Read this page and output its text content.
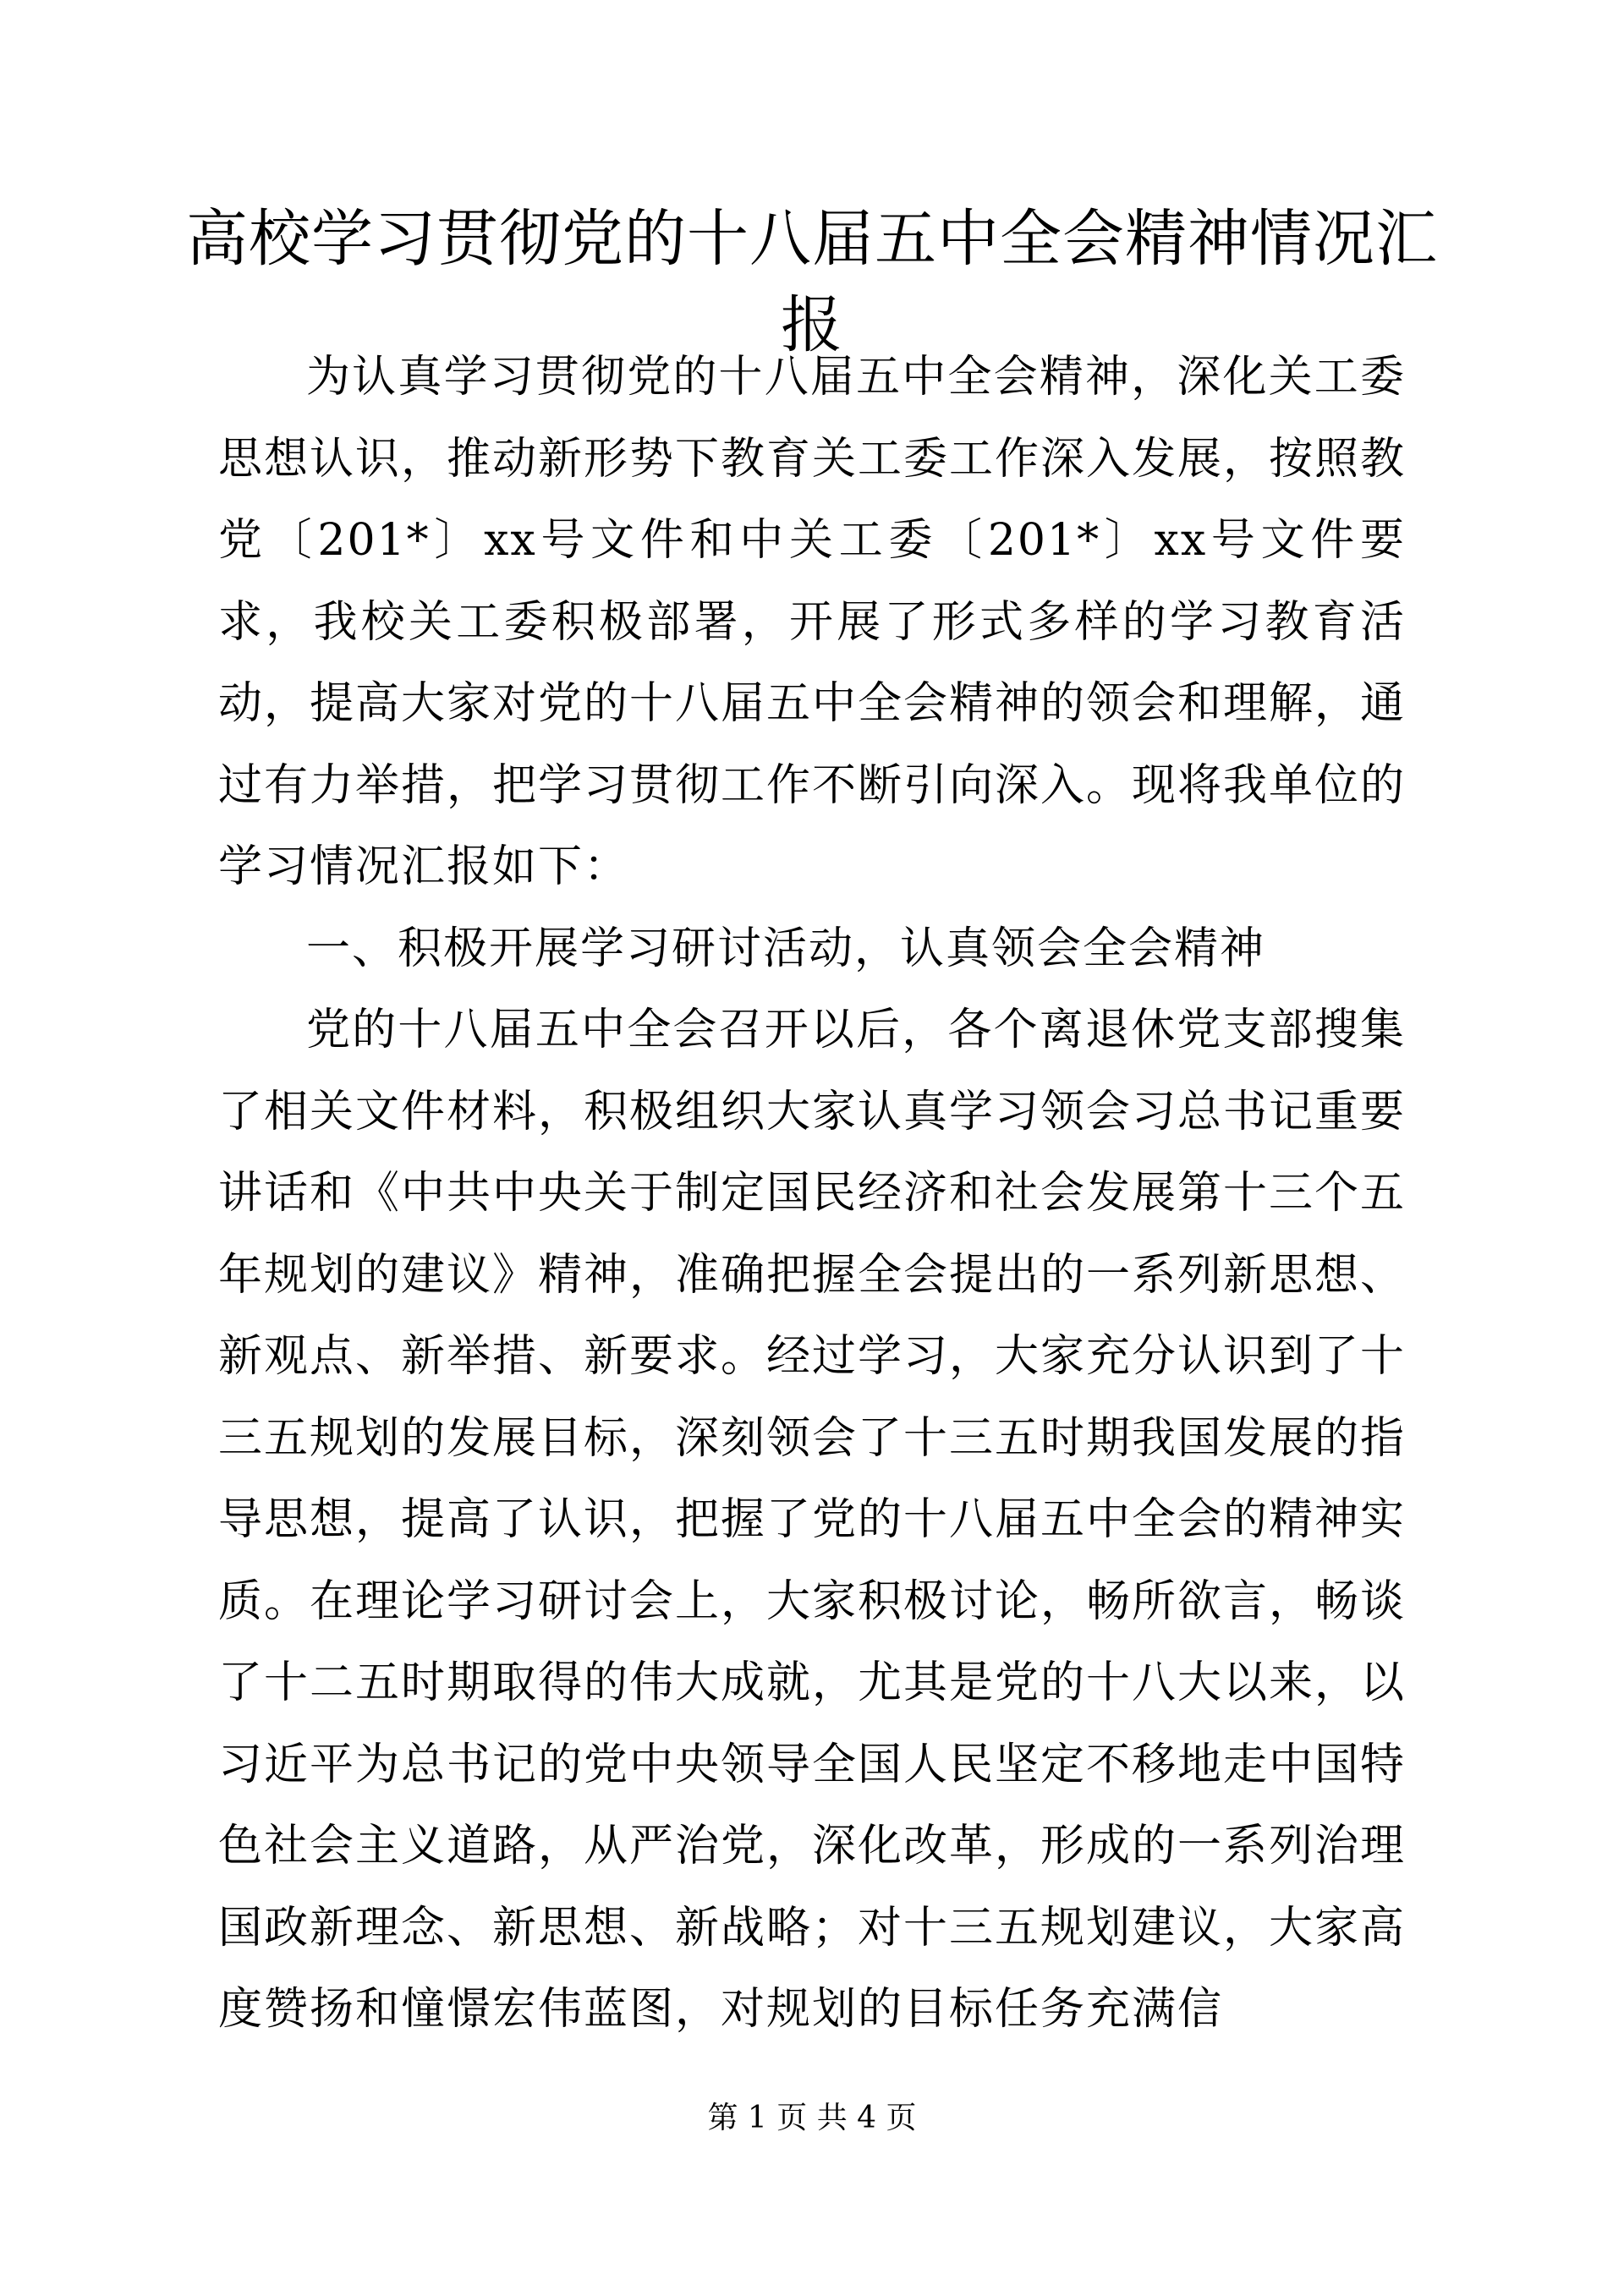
高校学习贯彻党的十八届五中全会精神情况汇报

为认真学习贯彻党的十八届五中全会精神，深化关工委思想认识，推动新形势下教育关工委工作深入发展，按照教党〔201*〕xx号文件和中关工委〔201*〕xx号文件要求，我校关工委积极部署，开展了形式多样的学习教育活动，提高大家对党的十八届五中全会精神的领会和理解，通过有力举措，把学习贯彻工作不断引向深入。现将我单位的学习情况汇报如下：

一、积极开展学习研讨活动，认真领会全会精神

党的十八届五中全会召开以后，各个离退休党支部搜集了相关文件材料，积极组织大家认真学习领会习总书记重要讲话和《中共中央关于制定国民经济和社会发展第十三个五年规划的建议》精神，准确把握全会提出的一系列新思想、新观点、新举措、新要求。经过学习，大家充分认识到了十三五规划的发展目标，深刻领会了十三五时期我国发展的指导思想，提高了认识，把握了党的十八届五中全会的精神实质。在理论学习研讨会上，大家积极讨论，畅所欲言，畅谈了十二五时期取得的伟大成就，尤其是党的十八大以来，以习近平为总书记的党中央领导全国人民坚定不移地走中国特色社会主义道路，从严治党，深化改革，形成的一系列治理国政新理念、新思想、新战略；对十三五规划建议，大家高度赞扬和憧憬宏伟蓝图，对规划的目标任务充满信

第 1 页 共 4 页
